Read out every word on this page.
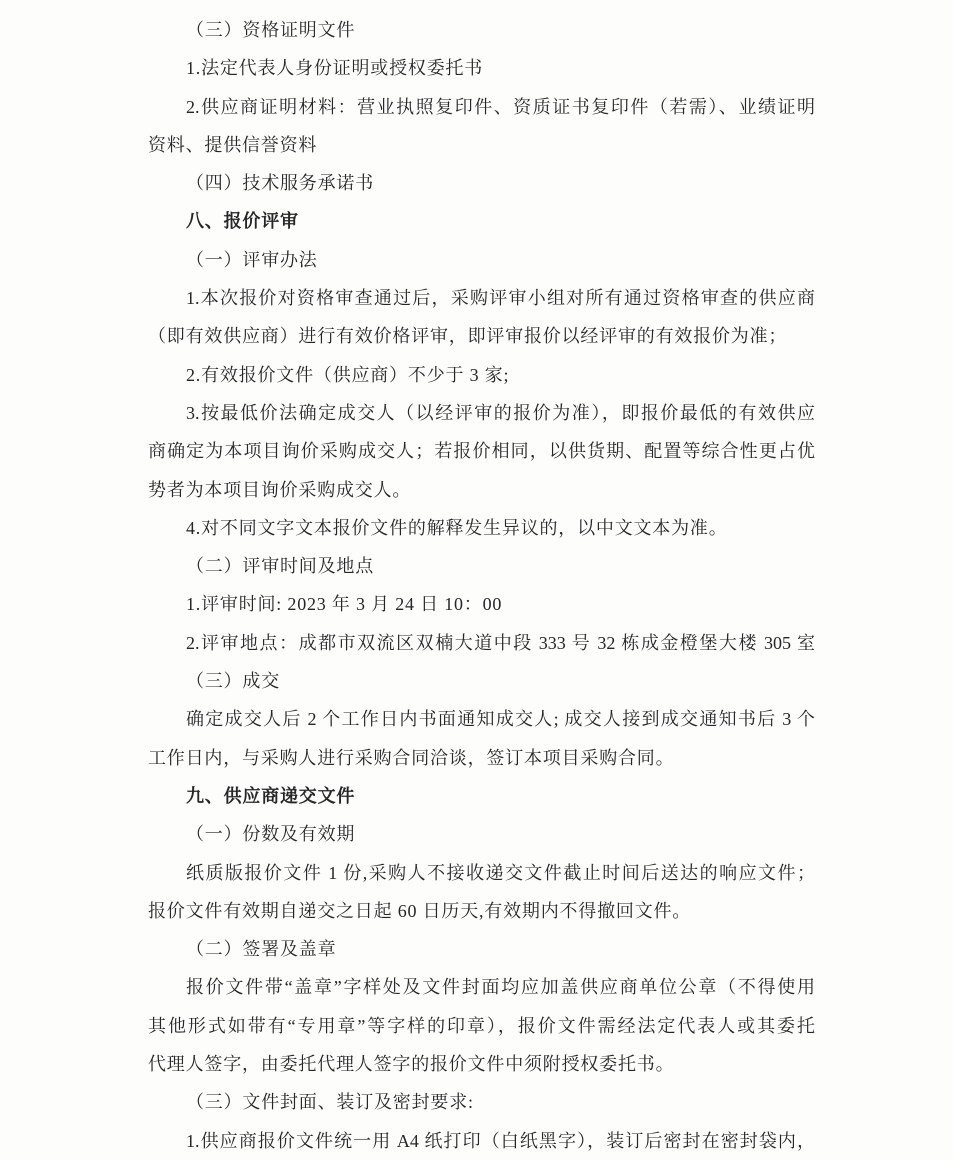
（三）资格证明文件
1.法定代表人身份证明或授权委托书
2.供应商证明材料：营业执照复印件、资质证书复印件（若需）、业绩证明
资料、提供信誉资料
（四）技术服务承诺书
八、报价评审
（一）评审办法
1.本次报价对资格审查通过后，采购评审小组对所有通过资格审查的供应商
（即有效供应商）进行有效价格评审，即评审报价以经评审的有效报价为准；
2.有效报价文件（供应商）不少于 3 家;
3.按最低价法确定成交人（以经评审的报价为准），即报价最低的有效供应
商确定为本项目询价采购成交人；若报价相同，以供货期、配置等综合性更占优
势者为本项目询价采购成交人。
4.对不同文字文本报价文件的解释发生异议的，以中文文本为准。
（二）评审时间及地点
1.评审时间: 2023 年 3 月 24 日 10：00
2.评审地点：成都市双流区双楠大道中段 333 号 32 栋成金橙堡大楼 305 室
（三）成交
确定成交人后 2 个工作日内书面通知成交人; 成交人接到成交通知书后 3 个
工作日内，与采购人进行采购合同洽谈，签订本项目采购合同。
九、供应商递交文件
（一）份数及有效期
纸质版报价文件 1 份,采购人不接收递交文件截止时间后送达的响应文件；
报价文件有效期自递交之日起 60 日历天,有效期内不得撤回文件。
（二）签署及盖章
报价文件带“盖章”字样处及文件封面均应加盖供应商单位公章（不得使用
其他形式如带有“专用章”等字样的印章），报价文件需经法定代表人或其委托
代理人签字，由委托代理人签字的报价文件中须附授权委托书。
（三）文件封面、装订及密封要求:
1.供应商报价文件统一用 A4 纸打印（白纸黑字），装订后密封在密封袋内，
